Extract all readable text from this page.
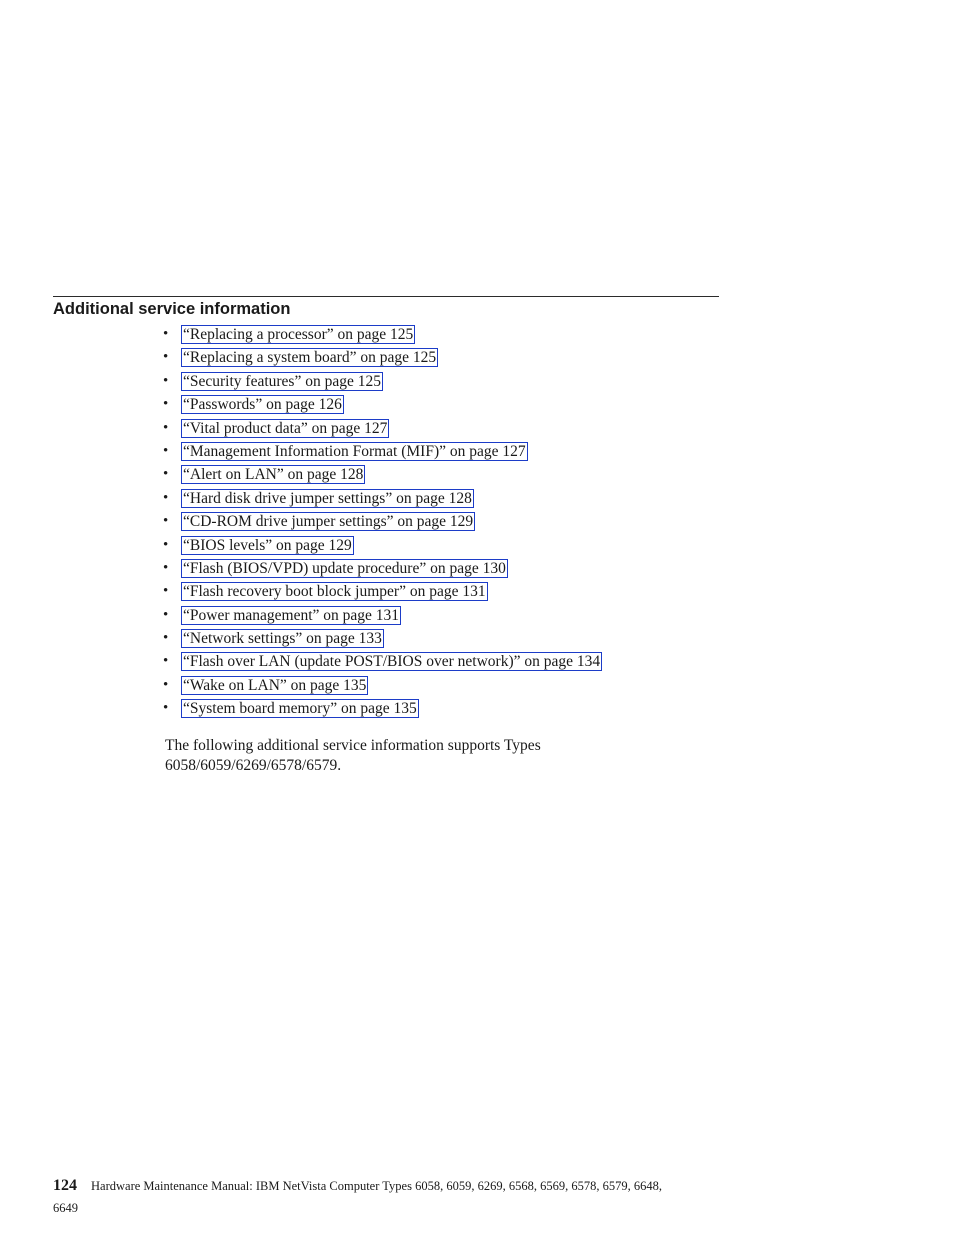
Additional service information
• “Replacing a processor” on page 125
• “Replacing a system board” on page 125
• “Security features” on page 125
• “Passwords” on page 126
• “Vital product data” on page 127
• “Management Information Format (MIF)” on page 127
• “Alert on LAN” on page 128
• “Hard disk drive jumper settings” on page 128
• “CD-ROM drive jumper settings” on page 129
• “BIOS levels” on page 129
• “Flash (BIOS/VPD) update procedure” on page 130
• “Flash recovery boot block jumper” on page 131
• “Power management” on page 131
• “Network settings” on page 133
• “Flash over LAN (update POST/BIOS over network)” on page 134
• “Wake on LAN” on page 135
• “System board memory” on page 135

The following additional service information supports Types
6058/6059/6269/6578/6579.

124 Hardware Maintenance Manual: IBM NetVista Computer Types 6058, 6059, 6269, 6568, 6569, 6578, 6579, 6648,
6649
